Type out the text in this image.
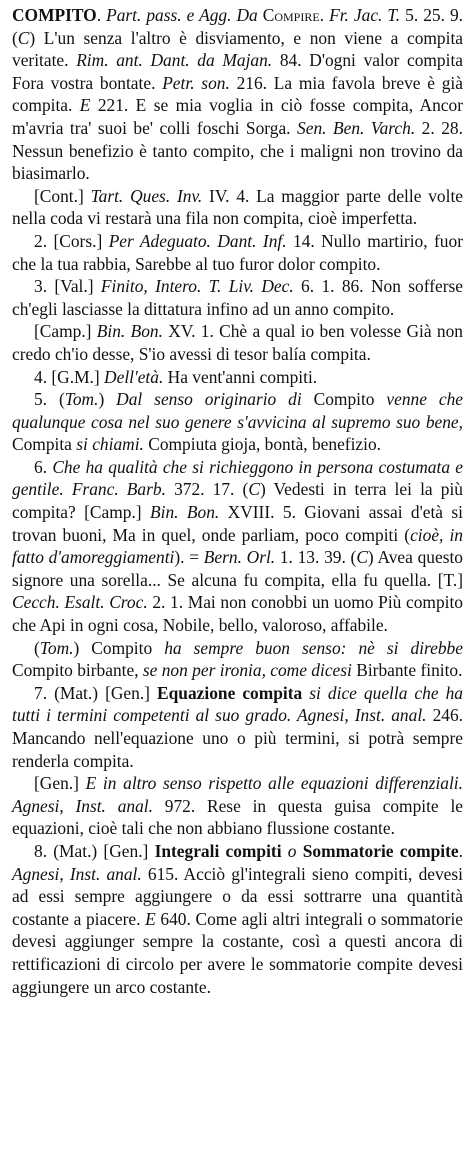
COMPITO. Part. pass. e Agg. Da Compire. Fr. Jac. T. 5. 25. 9. (C) L'un senza l'altro è disviamento, e non viene a compita veritate. Rim. ant. Dant. da Majan. 84. D'ogni valor compita Fora vostra bontate. Petr. son. 216. La mia favola breve è già compita. E 221. E se mia voglia in ciò fosse compita, Ancor m'avria tra' suoi be' colli foschi Sorga. Sen. Ben. Varch. 2. 28. Nessun benefizio è tanto compito, che i maligni non trovino da biasimarlo.

[Cont.] Tart. Ques. Inv. IV. 4. La maggior parte delle volte nella coda vi restarà una fila non compita, cioè imperfetta.

2. [Cors.] Per Adeguato. Dant. Inf. 14. Nullo martirio, fuor che la tua rabbia, Sarebbe al tuo furor dolor compito.

3. [Val.] Finito, Intero. T. Liv. Dec. 6. 1. 86. Non sofferse ch'egli lasciasse la dittatura infino ad un anno compito.

[Camp.] Bin. Bon. XV. 1. Chè a qual io ben volesse Già non credo ch'io desse, S'io avessi di tesor balía compita.

4. [G.M.] Dell'età. Ha vent'anni compiti.

5. (Tom.) Dal senso originario di Compito venne che qualunque cosa nel suo genere s'avvicina al supremo suo bene, Compita si chiami. Compiuta gioja, bontà, benefizio.

6. Che ha qualità che si richieggono in persona costumata e gentile. Franc. Barb. 372. 17. (C) Vedesti in terra lei la più compita? [Camp.] Bin. Bon. XVIII. 5. Giovani assai d'età si trovan buoni, Ma in quel, onde parliam, poco compiti (cioè, in fatto d'amoreggiamenti). = Bern. Orl. 1. 13. 39. (C) Avea questo signore una sorella... Se alcuna fu compita, ella fu quella. [T.] Cecch. Esalt. Croc. 2. 1. Mai non conobbi un uomo Più compito che Api in ogni cosa, Nobile, bello, valoroso, affabile.

(Tom.) Compito ha sempre buon senso: nè si direbbe Compito birbante, se non per ironia, come dicesi Birbante finito.

7. (Mat.) [Gen.] Equazione compita si dice quella che ha tutti i termini competenti al suo grado. Agnesi, Inst. anal. 246. Mancando nell'equazione uno o più termini, si potrà sempre renderla compita.

[Gen.] E in altro senso rispetto alle equazioni differenziali. Agnesi, Inst. anal. 972. Rese in questa guisa compite le equazioni, cioè tali che non abbiano flussione costante.

8. (Mat.) [Gen.] Integrali compiti o Sommatorie compite. Agnesi, Inst. anal. 615. Acciò gl'integrali sieno compiti, devesi ad essi sempre aggiungere o da essi sottrarre una quantità costante a piacere. E 640. Come agli altri integrali o sommatorie devesi aggiunger sempre la costante, così a questi ancora di rettificazioni di circolo per avere le sommatorie compite devesi aggiungere un arco costante.
